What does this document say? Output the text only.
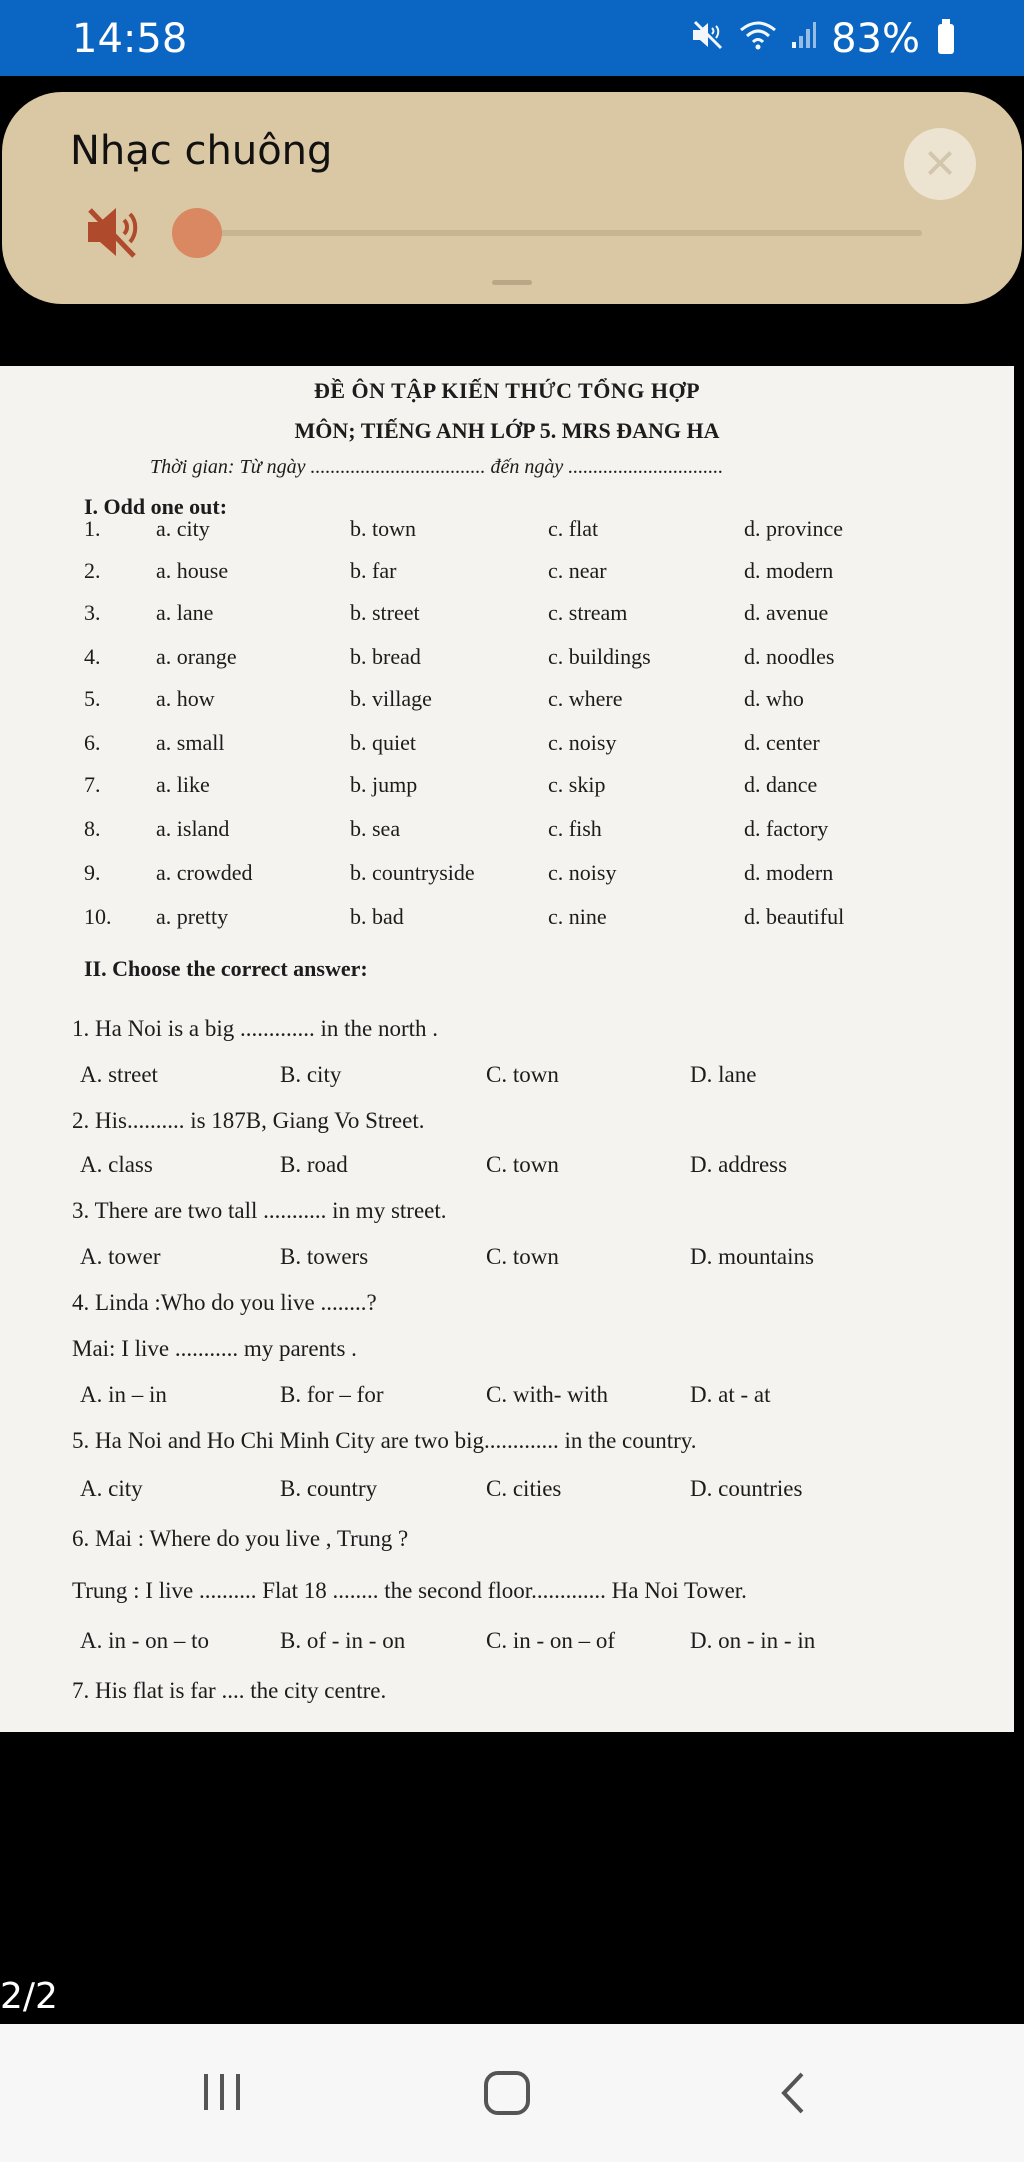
14:58	83%
Nhạc chuông	×
ĐỀ ÔN TẬP KIẾN THỨC TỔNG HỢP
MÔN; TIẾNG ANH LỚP 5. MRS ĐANG HA
Thời gian: Từ ngày ................................... đến ngày ...............................
I. Odd one out:
1.	a. city	b. town	c. flat	d. province
2.	a. house	b. far	c. near	d. modern
3.	a. lane	b. street	c. stream	d. avenue
4.	a. orange	b. bread	c. buildings	d. noodles
5.	a. how	b. village	c. where	d. who
6.	a. small	b. quiet	c. noisy	d. center
7.	a. like	b. jump	c. skip	d. dance
8.	a. island	b. sea	c. fish	d. factory
9.	a. crowded	b. countryside	c. noisy	d. modern
10. a. pretty	b. bad	c. nine	d. beautiful
II. Choose the correct answer:
1. Ha Noi is a big ............. in the north .
A. street	B. city	C. town	D. lane
2. His.......... is 187B, Giang Vo Street.
A. class	B. road	C. town	D. address
3. There are two tall ........... in my street.
A. tower	B. towers	C. town	D. mountains
4. Linda :Who do you live ........?
Mai: I live ........... my parents .
A. in – in	B. for – for	C. with- with	D. at - at
5. Ha Noi and Ho Chi Minh City are two big............. in the country.
A. city	B. country	C. cities	D. countries
6. Mai : Where do you live , Trung ?
Trung : I live .......... Flat 18 ........ the second floor............. Ha Noi Tower.
A. in - on – to	B. of - in - on	C. in - on – of	D. on - in - in
7. His flat is far .... the city centre.
2/2
